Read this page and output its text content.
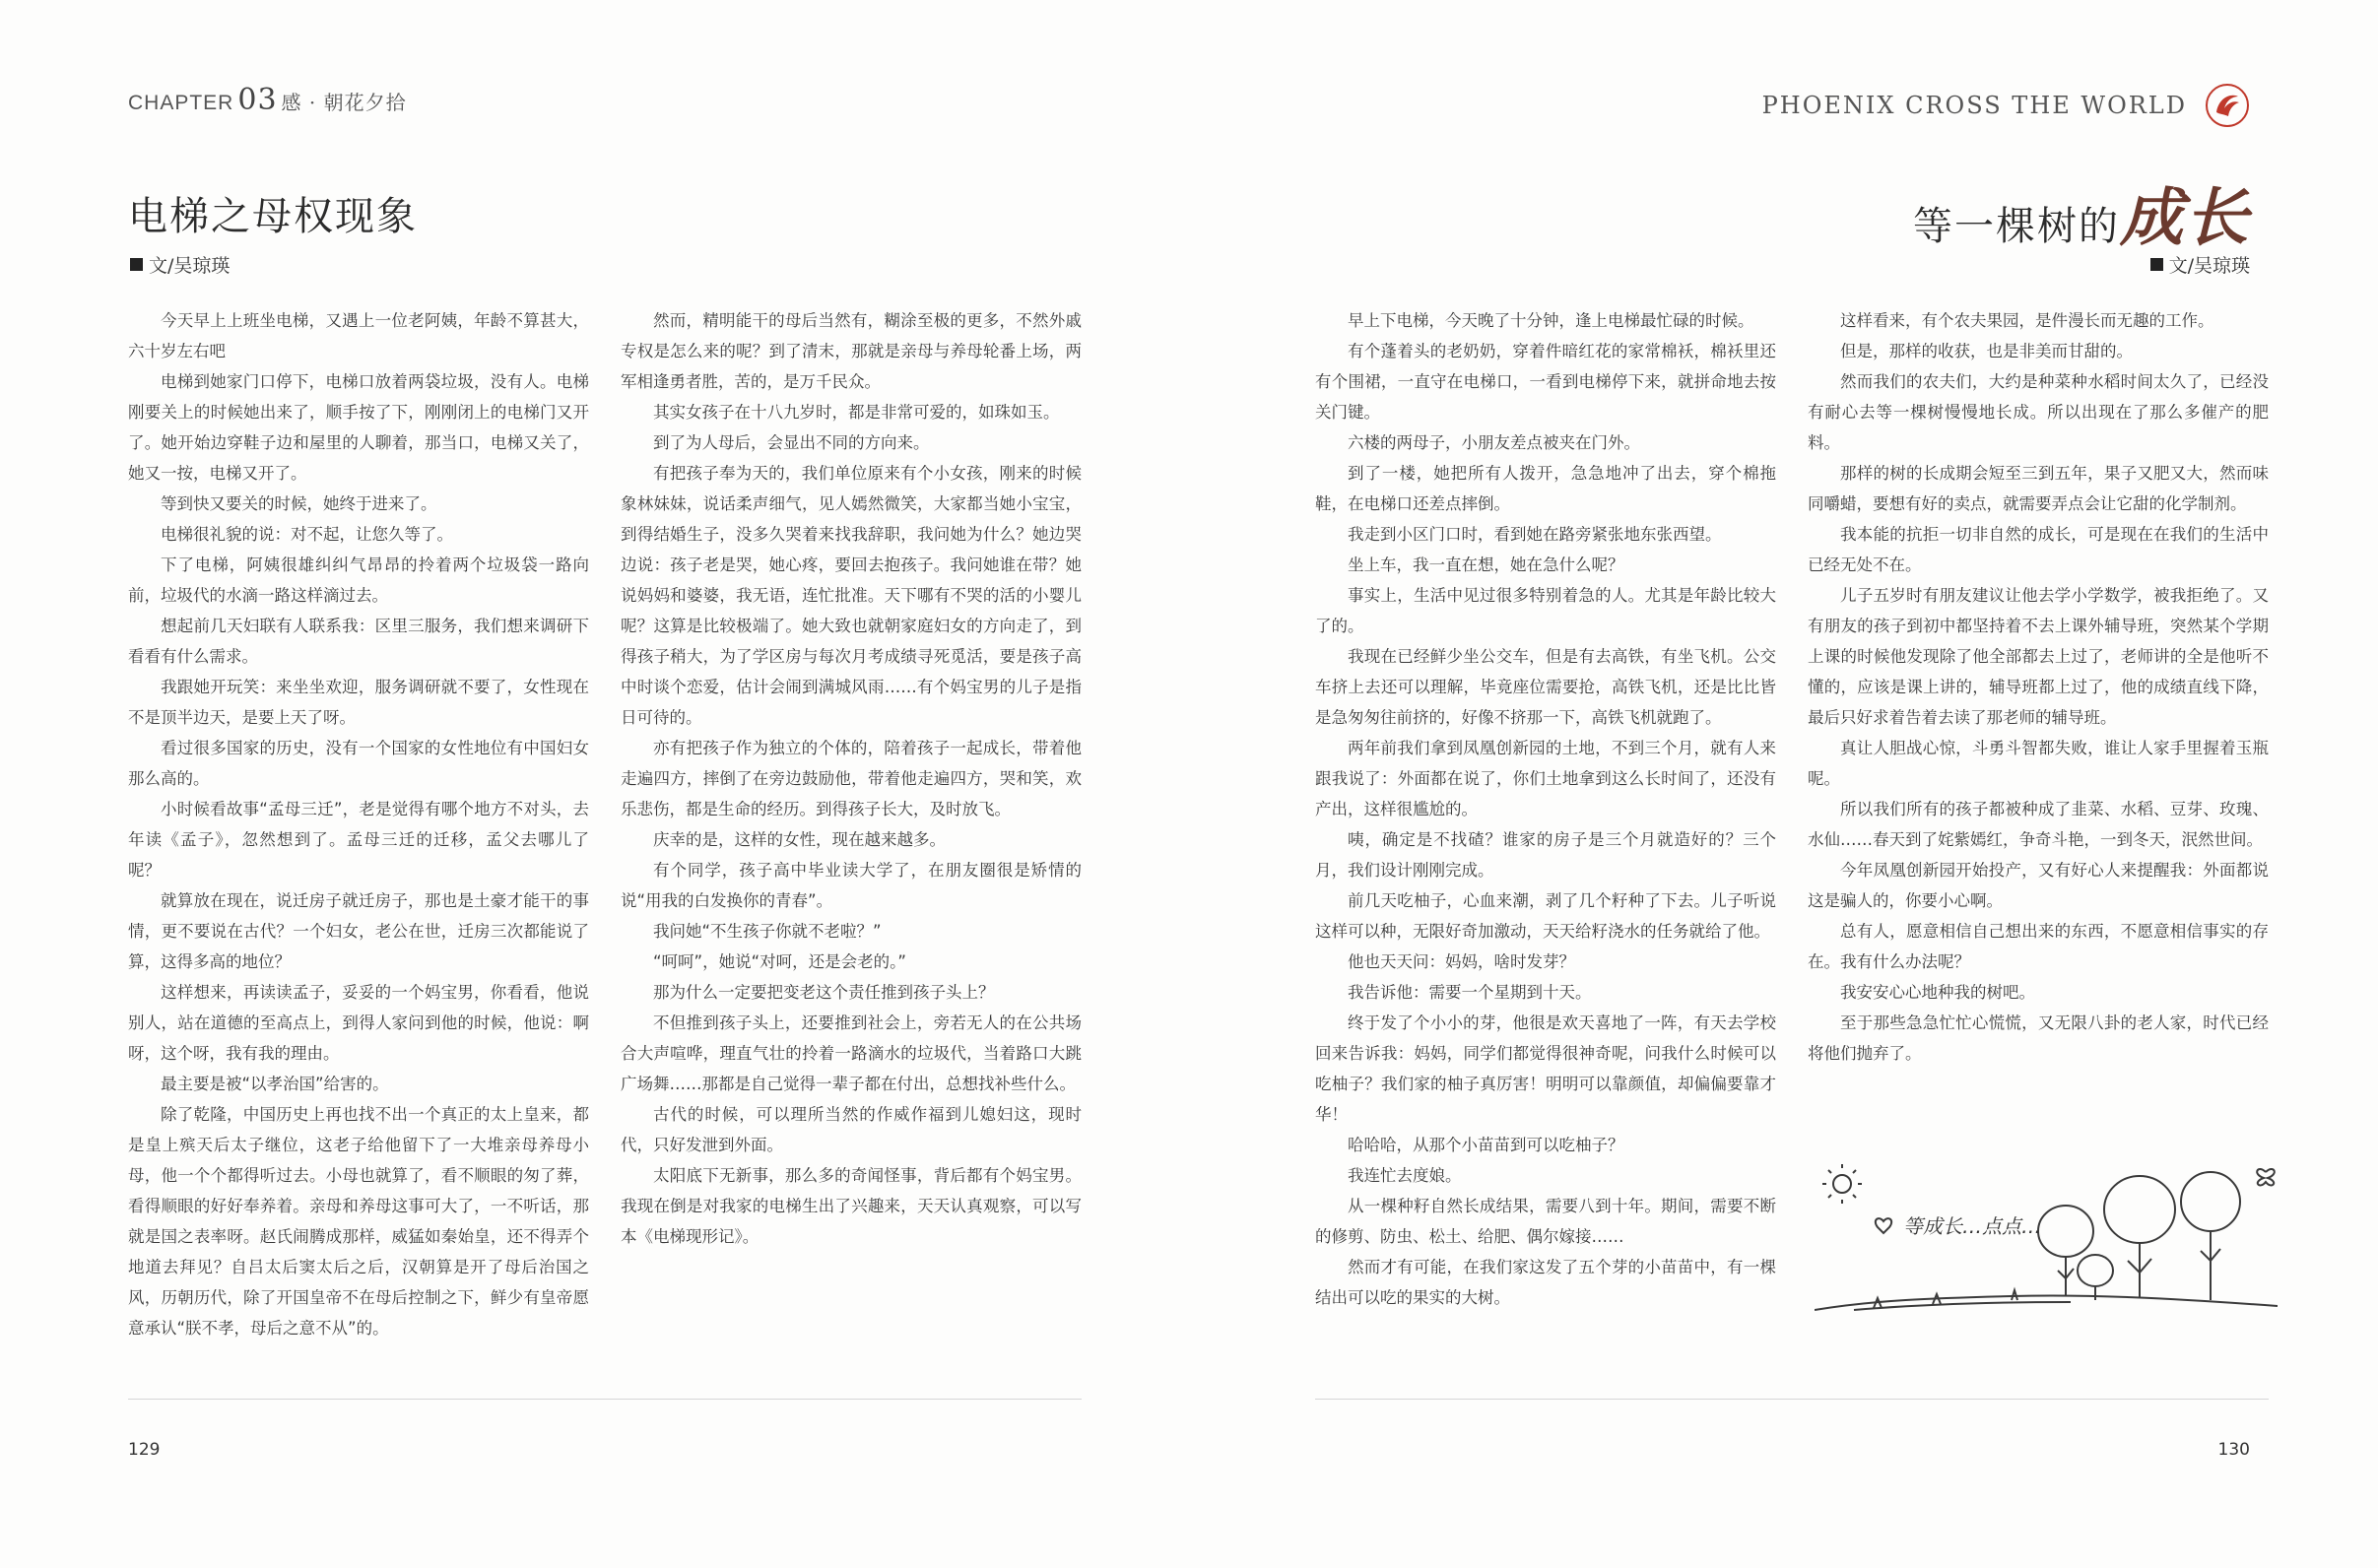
CHAPTER 03 感 · 朝花夕拾
电梯之母权现象
文/吴琼瑛

今天早上上班坐电梯，又遇上一位老阿姨，年龄不算甚大，六十岁左右吧

电梯到她家门口停下，电梯口放着两袋垃圾，没有人。电梯刚要关上的时候她出来了，顺手按了下，刚刚闭上的电梯门又开了。她开始边穿鞋子边和屋里的人聊着，那当口，电梯又关了，她又一按，电梯又开了。

等到快又要关的时候，她终于进来了。

电梯很礼貌的说：对不起，让您久等了。

下了电梯，阿姨很雄纠纠气昂昂的拎着两个垃圾袋一路向前，垃圾代的水滴一路这样滴过去。

想起前几天妇联有人联系我：区里三服务，我们想来调研下看看有什么需求。

我跟她开玩笑：来坐坐欢迎，服务调研就不要了，女性现在不是顶半边天，是要上天了呀。

看过很多国家的历史，没有一个国家的女性地位有中国妇女那么高的。

小时候看故事“孟母三迁”，老是觉得有哪个地方不对头，去年读《孟子》，忽然想到了。孟母三迁的迁移，孟父去哪儿了呢？

就算放在现在，说迁房子就迁房子，那也是土豪才能干的事情，更不要说在古代？一个妇女，老公在世，迁房三次都能说了算，这得多高的地位？

这样想来，再读读孟子，妥妥的一个妈宝男，你看看，他说别人，站在道德的至高点上，到得人家问到他的时候，他说：啊呀，这个呀，我有我的理由。

最主要是被“以孝治国”给害的。

除了乾隆，中国历史上再也找不出一个真正的太上皇来，都是皇上殡天后太子继位，这老子给他留下了一大堆亲母养母小母，他一个个都得听过去。小母也就算了，看不顺眼的匆了葬，看得顺眼的好好奉养着。亲母和养母这事可大了，一不听话，那就是国之表率呀。赵氏闹腾成那样，威猛如秦始皇，还不得弄个地道去拜见？自吕太后窦太后之后，汉朝算是开了母后治国之风，历朝历代，除了开国皇帝不在母后控制之下，鲜少有皇帝愿意承认“朕不孝，母后之意不从”的。

然而，精明能干的母后当然有，糊涂至极的更多，不然外戚专权是怎么来的呢？到了清末，那就是亲母与养母轮番上场，两军相逢勇者胜，苦的，是万千民众。

其实女孩子在十八九岁时，都是非常可爱的，如珠如玉。

到了为人母后，会显出不同的方向来。

有把孩子奉为天的，我们单位原来有个小女孩，刚来的时候象林妹妹，说话柔声细气，见人嫣然微笑，大家都当她小宝宝，到得结婚生子，没多久哭着来找我辞职，我问她为什么？她边哭边说：孩子老是哭，她心疼，要回去抱孩子。我问她谁在带？她说妈妈和婆婆，我无语，连忙批准。天下哪有不哭的活的小婴儿呢？这算是比较极端了。她大致也就朝家庭妇女的方向走了，到得孩子稍大，为了学区房与每次月考成绩寻死觅活，要是孩子高中时谈个恋爱，估计会闹到满城风雨……有个妈宝男的儿子是指日可待的。

亦有把孩子作为独立的个体的，陪着孩子一起成长，带着他走遍四方，摔倒了在旁边鼓励他，带着他走遍四方，哭和笑，欢乐悲伤，都是生命的经历。到得孩子长大，及时放飞。

庆幸的是，这样的女性，现在越来越多。

有个同学，孩子高中毕业读大学了，在朋友圈很是矫情的说“用我的白发换你的青春”。

我问她“不生孩子你就不老啦？”

“呵呵”，她说“对呵，还是会老的。”

那为什么一定要把变老这个责任推到孩子头上？

不但推到孩子头上，还要推到社会上，旁若无人的在公共场合大声喧哗，理直气壮的拎着一路滴水的垃圾代，当着路口大跳广场舞……那都是自己觉得一辈子都在付出，总想找补些什么。

古代的时候，可以理所当然的作威作福到儿媳妇这，现时代，只好发泄到外面。

太阳底下无新事，那么多的奇闻怪事，背后都有个妈宝男。我现在倒是对我家的电梯生出了兴趣来，天天认真观察，可以写本《电梯现形记》。

129
PHOENIX CROSS THE WORLD
等一棵树的成长
文/吴琼瑛

早上下电梯，今天晚了十分钟，逢上电梯最忙碌的时候。

有个蓬着头的老奶奶，穿着件暗红花的家常棉袄，棉袄里还有个围裙，一直守在电梯口，一看到电梯停下来，就拼命地去按关门键。

六楼的两母子，小朋友差点被夹在门外。

到了一楼，她把所有人拨开，急急地冲了出去，穿个棉拖鞋，在电梯口还差点摔倒。

我走到小区门口时，看到她在路旁紧张地东张西望。

坐上车，我一直在想，她在急什么呢？

事实上，生活中见过很多特别着急的人。尤其是年龄比较大了的。

我现在已经鲜少坐公交车，但是有去高铁，有坐飞机。公交车挤上去还可以理解，毕竟座位需要抢，高铁飞机，还是比比皆是急匆匆往前挤的，好像不挤那一下，高铁飞机就跑了。

两年前我们拿到凤凰创新园的土地，不到三个月，就有人来跟我说了：外面都在说了，你们土地拿到这么长时间了，还没有产出，这样很尴尬的。

咦，确定是不找碴？谁家的房子是三个月就造好的？三个月，我们设计刚刚完成。

前几天吃柚子，心血来潮，剥了几个籽种了下去。儿子听说这样可以种，无限好奇加激动，天天给籽浇水的任务就给了他。

他也天天问：妈妈，啥时发芽？

我告诉他：需要一个星期到十天。

终于发了个小小的芽，他很是欢天喜地了一阵，有天去学校回来告诉我：妈妈，同学们都觉得很神奇呢，问我什么时候可以吃柚子？我们家的柚子真厉害！明明可以靠颜值，却偏偏要靠才华！

哈哈哈，从那个小苗苗到可以吃柚子？

我连忙去度娘。

从一棵种籽自然长成结果，需要八到十年。期间，需要不断的修剪、防虫、松土、给肥、偶尔嫁接……

然而才有可能，在我们家这发了五个芽的小苗苗中，有一棵结出可以吃的果实的大树。

这样看来，有个农夫果园，是件漫长而无趣的工作。

但是，那样的收获，也是非美而甘甜的。

然而我们的农夫们，大约是种菜种水稻时间太久了，已经没有耐心去等一棵树慢慢地长成。所以出现在了那么多催产的肥料。

那样的树的长成期会短至三到五年，果子又肥又大，然而味同嚼蜡，要想有好的卖点，就需要弄点会让它甜的化学制剂。

我本能的抗拒一切非自然的成长，可是现在在我们的生活中已经无处不在。

儿子五岁时有朋友建议让他去学小学数学，被我拒绝了。又有朋友的孩子到初中都坚持着不去上课外辅导班，突然某个学期上课的时候他发现除了他全部都去上过了，老师讲的全是他听不懂的，应该是课上讲的，辅导班都上过了，他的成绩直线下降，最后只好求着告着去读了那老师的辅导班。

真让人胆战心惊，斗勇斗智都失败，谁让人家手里握着玉瓶呢。

所以我们所有的孩子都被种成了韭菜、水稻、豆芽、玫瑰、水仙……春天到了姹紫嫣红，争奇斗艳，一到冬天，泯然世间。

今年凤凰创新园开始投产，又有好心人来提醒我：外面都说这是骗人的，你要小心啊。

总有人，愿意相信自己想出来的东西，不愿意相信事实的存在。我有什么办法呢？

我安安心心地种我的树吧。

至于那些急急忙忙心慌慌，又无限八卦的老人家，时代已经将他们抛弃了。

等成长…点点…
130
